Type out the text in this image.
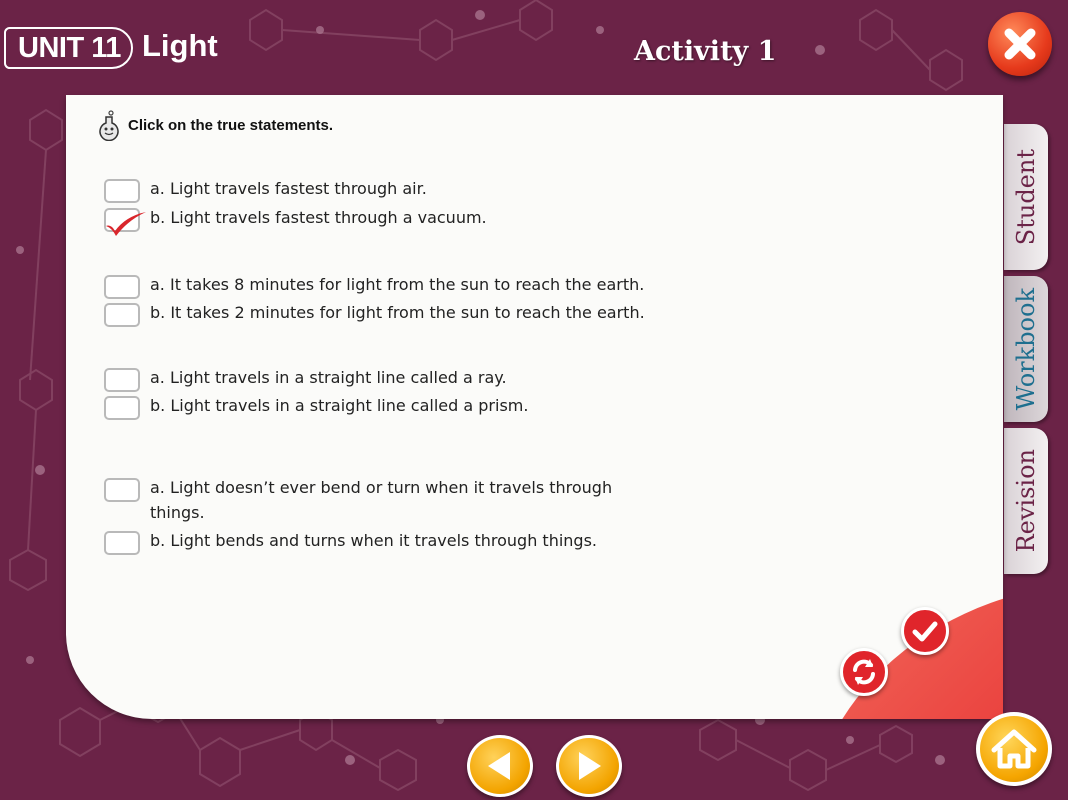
UNIT 11 Light	Activity 1
Student
Workbook
Revision
Click on the true statements.
a. Light travels fastest through air.
b. Light travels fastest through a vacuum.
a. It takes 8 minutes for light from the sun to reach the earth.
b. It takes 2 minutes for light from the sun to reach the earth.
a. Light travels in a straight line called a ray.
b. Light travels in a straight line called a prism.
a. Light doesn’t ever bend or turn when it travels through
things.
b. Light bends and turns when it travels through things.
